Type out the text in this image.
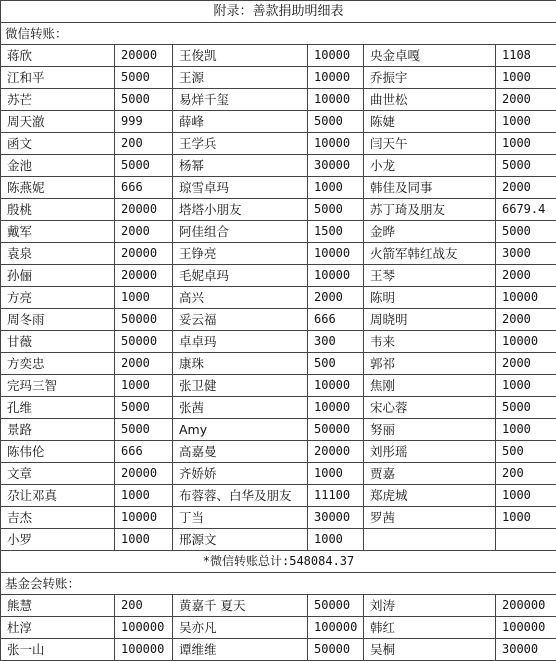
附录：善款捐助明细表					
微信转账：					
蒋欣	20000	王俊凯	10000	央金卓嘎	1108
江和平	5000	王源	10000	乔振宇	1000
苏芒	5000	易烊千玺	10000	曲世松	2000
周天澈	999	薛峰	5000	陈婕	1000
函文	200	王学兵	10000	闫天午	1000
金池	5000	杨幂	30000	小龙	5000
陈燕妮	666	琼雪卓玛	1000	韩佳及同事	2000
殷桃	20000	塔塔小朋友	5000	苏丁琦及朋友	6679.4
戴军	2000	阿佳组合	1500	金晔	5000
袁泉	20000	王铮亮	10000	火箭军韩红战友	3000
孙俪	20000	毛妮卓玛	10000	王琴	2000
方亮	1000	高兴	2000	陈明	10000
周冬雨	50000	妥云福	666	周晓明	2000
甘薇	50000	卓卓玛	300	韦来	10000
方奕忠	2000	康珠	500	郭祁	2000
完玛三智	1000	张卫健	10000	焦刚	1000
孔维	5000	张茜	10000	宋心蓉	5000
景路	5000	Amy	50000	努丽	1000
陈伟伦	666	高嘉曼	20000	刘彤瑶	500
文章	20000	齐娇娇	1000	贾嘉	200
尕让邓真	1000	布蓉蓉、白华及朋友	11100	郑虎城	1000
吉杰	10000	丁当	30000	罗茜	1000
小罗	1000	邢源文	1000		
*微信转账总计:548084.37					
基金会转账：					
熊慧	200	黄嘉千 夏天	50000	刘涛	200000
杜淳	100000	吴亦凡	100000	韩红	100000
张一山	100000	谭维维	50000	吴桐	30000
